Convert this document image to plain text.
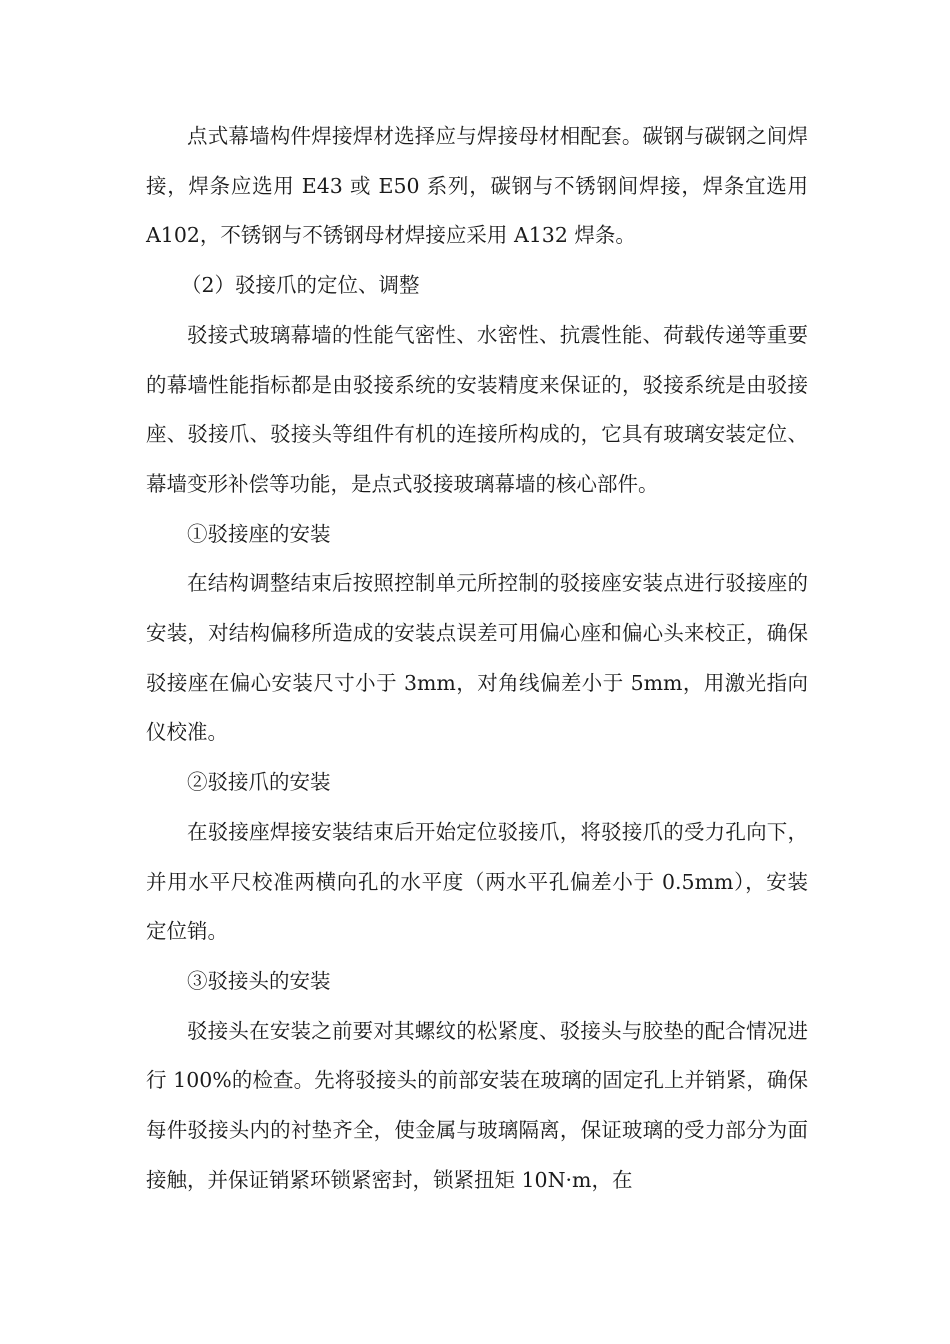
点式幕墙构件焊接焊材选择应与焊接母材相配套。碳钢与碳钢之间焊接，焊条应选用 E43 或 E50 系列，碳钢与不锈钢间焊接，焊条宜选用 A102，不锈钢与不锈钢母材焊接应采用 A132 焊条。

（2）驳接爪的定位、调整

驳接式玻璃幕墙的性能气密性、水密性、抗震性能、荷载传递等重要的幕墙性能指标都是由驳接系统的安装精度来保证的，驳接系统是由驳接座、驳接爪、驳接头等组件有机的连接所构成的，它具有玻璃安装定位、幕墙变形补偿等功能，是点式驳接玻璃幕墙的核心部件。

①驳接座的安装

在结构调整结束后按照控制单元所控制的驳接座安装点进行驳接座的安装，对结构偏移所造成的安装点误差可用偏心座和偏心头来校正，确保驳接座在偏心安装尺寸小于 3mm，对角线偏差小于 5mm，用激光指向仪校准。

②驳接爪的安装

在驳接座焊接安装结束后开始定位驳接爪，将驳接爪的受力孔向下，并用水平尺校准两横向孔的水平度（两水平孔偏差小于 0.5mm），安装定位销。

③驳接头的安装

驳接头在安装之前要对其螺纹的松紧度、驳接头与胶垫的配合情况进行 100%的检查。先将驳接头的前部安装在玻璃的固定孔上并销紧，确保每件驳接头内的衬垫齐全，使金属与玻璃隔离，保证玻璃的受力部分为面接触，并保证销紧环锁紧密封，锁紧扭矩 10N·m，在
